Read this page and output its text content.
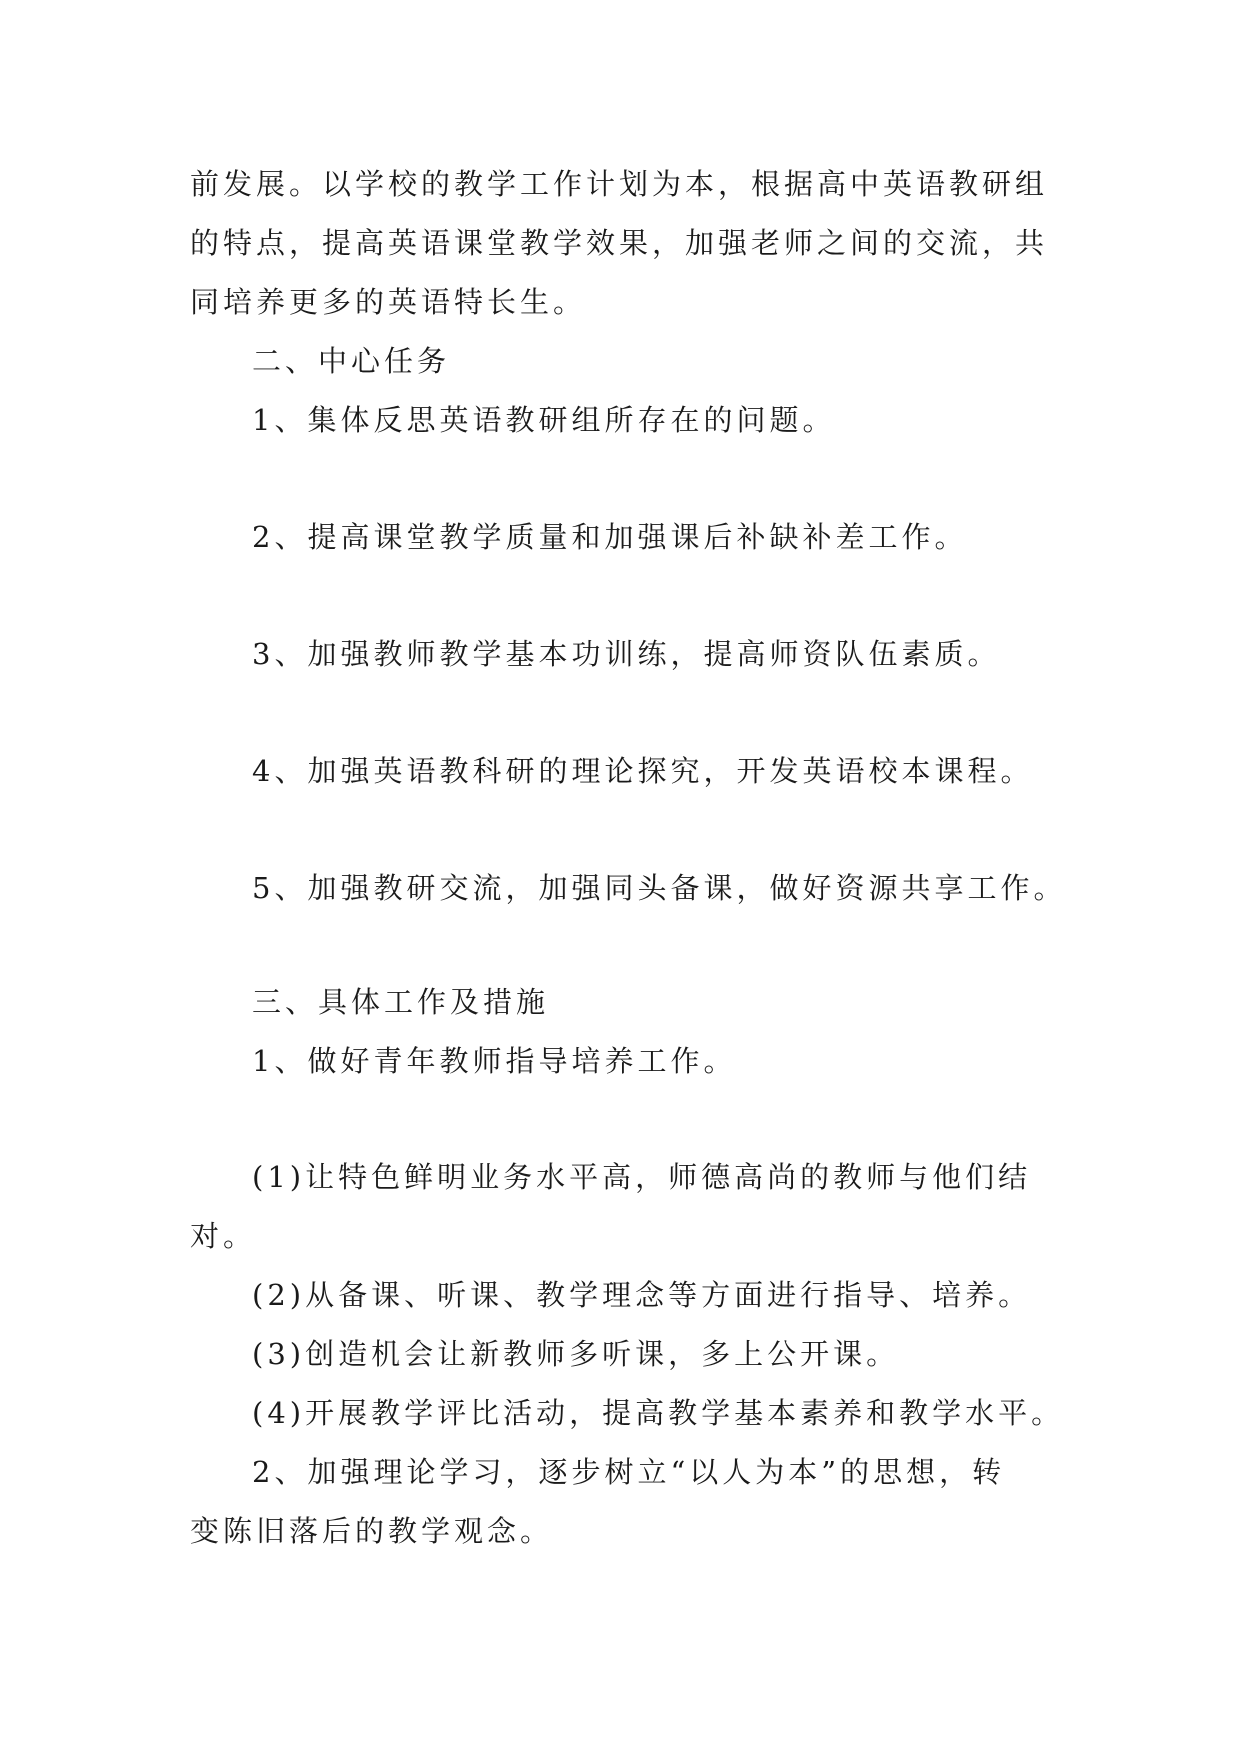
前发展。以学校的教学工作计划为本，根据高中英语教研组
的特点，提高英语课堂教学效果，加强老师之间的交流，共
同培养更多的英语特长生。
二、中心任务
1、集体反思英语教研组所存在的问题。
2、提高课堂教学质量和加强课后补缺补差工作。
3、加强教师教学基本功训练，提高师资队伍素质。
4、加强英语教科研的理论探究，开发英语校本课程。
5、加强教研交流，加强同头备课，做好资源共享工作。
三、具体工作及措施
1、做好青年教师指导培养工作。
(1)让特色鲜明业务水平高，师德高尚的教师与他们结
对。
(2)从备课、听课、教学理念等方面进行指导、培养。
(3)创造机会让新教师多听课，多上公开课。
(4)开展教学评比活动，提高教学基本素养和教学水平。
2、加强理论学习，逐步树立“以人为本”的思想，转
变陈旧落后的教学观念。
